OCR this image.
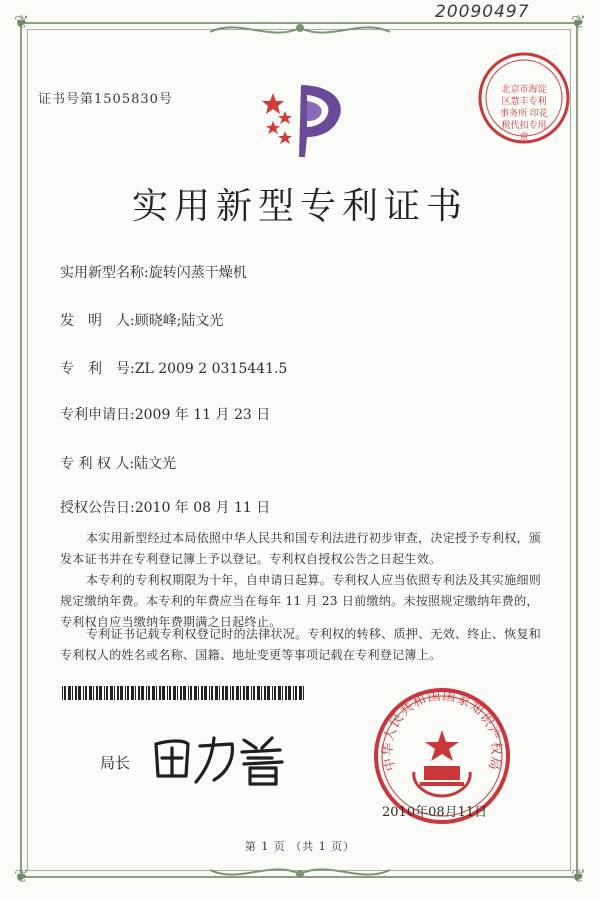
❦	❦
❦	❦
20090497
证书号第1505830号
北京市海淀区慧丰专利事务所 印花税代扣专用章
实用新型专利证书
实用新型名称:旋转闪蒸干燥机
发　明　人:顾晓峰;陆文光
专　利　号:ZL 2009 2 0315441.5
专利申请日:2009 年 11 月 23 日
专 利 权 人:陆文光
授权公告日:2010 年 08 月 11 日
本实用新型经过本局依照中华人民共和国专利法进行初步审查，决定授予专利权，颁发本证书并在专利登记簿上予以登记。专利权自授权公告之日起生效。
本专利的专利权期限为十年，自申请日起算。专利权人应当依照专利法及其实施细则规定缴纳年费。本专利的年费应当在每年 11 月 23 日前缴纳。未按照规定缴纳年费的，专利权自应当缴纳年费期满之日起终止。
专利证书记载专利权登记时的法律状况。专利权的转移、质押、无效、终止、恢复和专利权人的姓名或名称、国籍、地址变更等事项记载在专利登记簿上。
局长	中华人民共和国国家知识产权局
2010年08月11日
第 1 页 （共 1 页）
